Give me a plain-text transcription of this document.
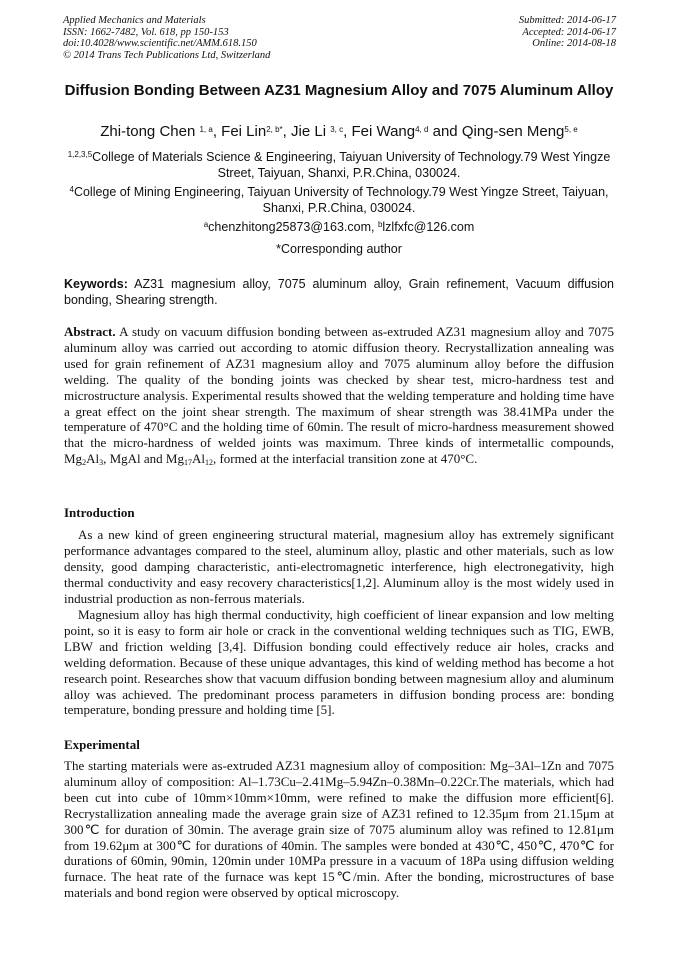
Applied Mechanics and Materials
ISSN: 1662-7482, Vol. 618, pp 150-153
doi:10.4028/www.scientific.net/AMM.618.150
© 2014 Trans Tech Publications Ltd, Switzerland
Submitted: 2014-06-17
Accepted: 2014-06-17
Online: 2014-08-18
Diffusion Bonding Between AZ31 Magnesium Alloy and 7075 Aluminum Alloy
Zhi-tong Chen $^{1, a}$, Fei Lin$^{2, b*}$, Jie Li $^{3, c}$, Fei Wang$^{4, d}$ and Qing-sen Meng$^{5, e}$
$^{1,2,3,5}$College of Materials Science & Engineering, Taiyuan University of Technology.79 West Yingze Street, Taiyuan, Shanxi, P.R.China, 030024.
$^4$College of Mining Engineering, Taiyuan University of Technology.79 West Yingze Street, Taiyuan, Shanxi, P.R.China, 030024.
$^a$chenzhitong25873@163.com, $^b$lzlfxfc@126.com
*Corresponding author
Keywords: AZ31 magnesium alloy, 7075 aluminum alloy, Grain refinement, Vacuum diffusion bonding, Shearing strength.
Abstract. A study on vacuum diffusion bonding between as-extruded AZ31 magnesium alloy and 7075 aluminum alloy was carried out according to atomic diffusion theory. Recrystallization annealing was used for grain refinement of AZ31 magnesium alloy and 7075 aluminum alloy before the diffusion welding. The quality of the bonding joints was checked by shear test, micro-hardness test and microstructure analysis. Experimental results showed that the welding temperature and holding time have a great effect on the joint shear strength. The maximum of shear strength was 38.41MPa under the temperature of 470°C and the holding time of 60min. The result of micro-hardness measurement showed that the micro-hardness of welded joints was maximum. Three kinds of intermetallic compounds, $Mg_2Al_3$, MgAl and $Mg_{17}Al_{12}$, formed at the interfacial transition zone at 470°C.
Introduction
As a new kind of green engineering structural material, magnesium alloy has extremely significant performance advantages compared to the steel, aluminum alloy, plastic and other materials, such as low density, good damping characteristic, anti-electromagnetic interference, high electronegativity, high thermal conductivity and easy recovery characteristics[1,2]. Aluminum alloy is the most widely used in industrial production as non-ferrous materials.
Magnesium alloy has high thermal conductivity, high coefficient of linear expansion and low melting point, so it is easy to form air hole or crack in the conventional welding techniques such as TIG, EWB, LBW and friction welding [3,4]. Diffusion bonding could effectively reduce air holes, cracks and welding deformation. Because of these unique advantages, this kind of welding method has become a hot research point. Researches show that vacuum diffusion bonding between magnesium alloy and aluminum alloy was achieved. The predominant process parameters in diffusion bonding process are: bonding temperature, bonding pressure and holding time [5].
Experimental
The starting materials were as-extruded AZ31 magnesium alloy of composition: Mg–3Al–1Zn and 7075 aluminum alloy of composition: Al–1.73Cu–2.41Mg–5.94Zn–0.38Mn–0.22Cr.The materials, which had been cut into cube of 10mm×10mm×10mm, were refined to make the diffusion more efficient[6]. Recrystallization annealing made the average grain size of AZ31 refined to 12.35μm from 21.15μm at 300℃ for duration of 30min. The average grain size of 7075 aluminum alloy was refined to 12.81μm from 19.62μm at 300℃ for durations of 40min. The samples were bonded at 430℃, 450℃, 470℃ for durations of 60min, 90min, 120min under 10MPa pressure in a vacuum of 18Pa using diffusion welding furnace. The heat rate of the furnace was kept 15℃/min. After the bonding, microstructures of base materials and bond region were observed by optical microscopy.
